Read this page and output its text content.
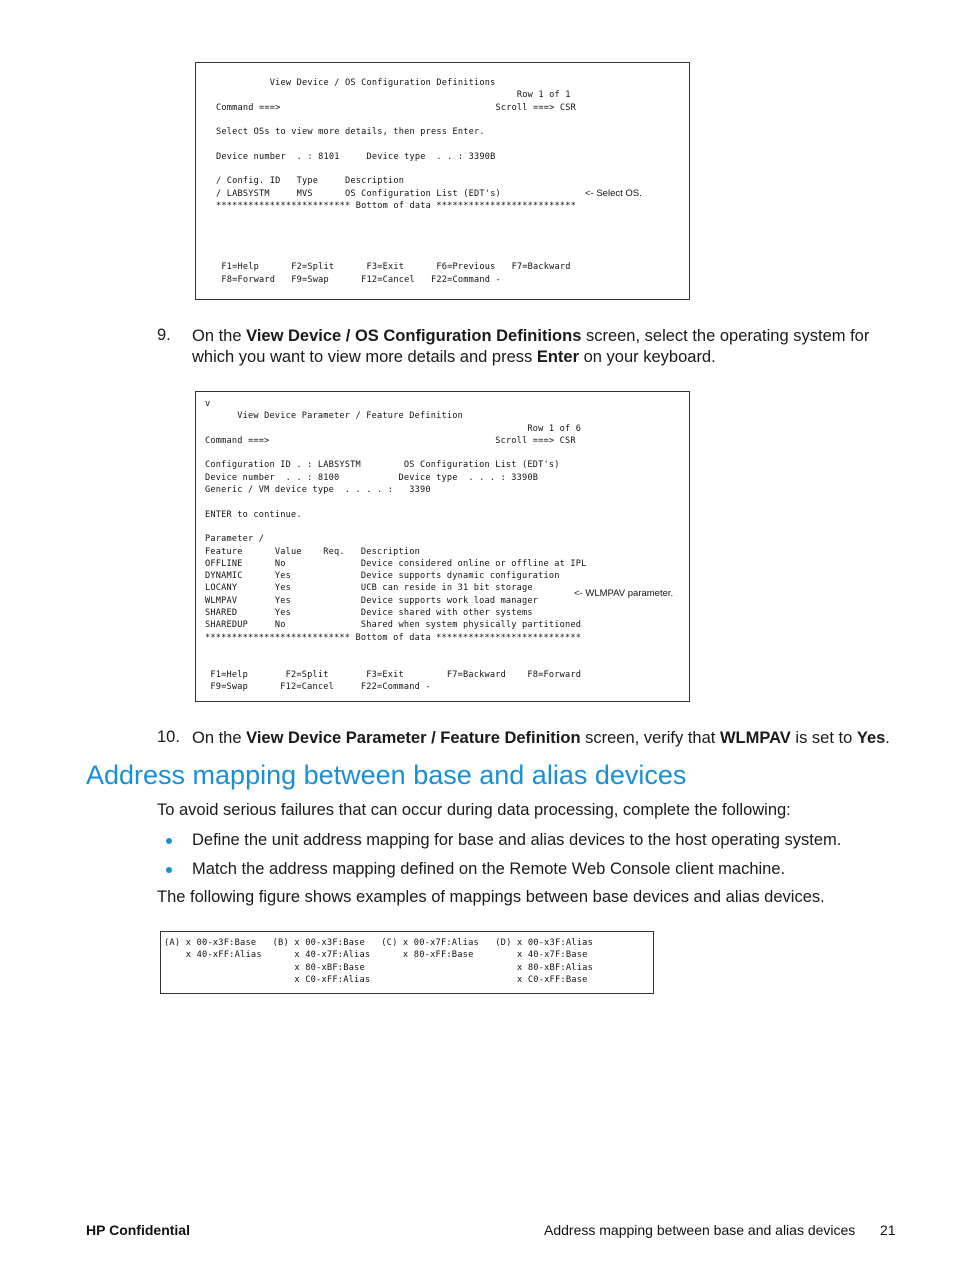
View Device / OS Configuration Definitions
Row 1 of 1
Command ===>                                        Scroll ===> CSR

Select OSs to view more details, then press Enter.

Device number  . : 8101     Device type  . . : 3390B

/ Config. ID   Type     Description
/ LABSYSTM     MVS      OS Configuration List (EDT's)
************************* Bottom of data **************************

F1=Help      F2=Split      F3=Exit      F6=Previous   F7=Backward
F8=Forward   F9=Swap      F12=Cancel   F22=Command -
<- Select OS.
9. On the View Device / OS Configuration Definitions screen, select the operating system for which you want to view more details and press Enter on your keyboard.
v
View Device Parameter / Feature Definition
Row 1 of 6
Command ===>                                          Scroll ===> CSR

Configuration ID . : LABSYSTM        OS Configuration List (EDT's)
Device number  . . : 8100           Device type  . . . : 3390B
Generic / VM device type  . . . . :   3390

ENTER to continue.

Parameter /
Feature      Value    Req.   Description
OFFLINE      No              Device considered online or offline at IPL
DYNAMIC      Yes             Device supports dynamic configuration
LOCANY       Yes             UCB can reside in 31 bit storage
WLMPAV       Yes             Device supports work load manager
SHARED       Yes             Device shared with other systems
SHAREDUP     No              Shared when system physically partitioned
*************************** Bottom of data ***************************

F1=Help       F2=Split       F3=Exit        F7=Backward    F8=Forward
F9=Swap      F12=Cancel     F22=Command -
<- WLMPAV parameter.
10. On the View Device Parameter / Feature Definition screen, verify that WLMPAV is set to Yes.
Address mapping between base and alias devices
To avoid serious failures that can occur during data processing, complete the following:
Define the unit address mapping for base and alias devices to the host operating system.
Match the address mapping defined on the Remote Web Console client machine.
The following figure shows examples of mappings between base devices and alias devices.
(A) x 00-x3F:Base   (B) x 00-x3F:Base   (C) x 00-x7F:Alias   (D) x 00-x3F:Alias
x 40-xFF:Alias      x 40-x7F:Alias      x 80-xFF:Base        x 40-x7F:Base
x 80-xBF:Base                            x 80-xBF:Alias
x C0-xFF:Alias                           x C0-xFF:Base
HP Confidential	Address mapping between base and alias devices 21
